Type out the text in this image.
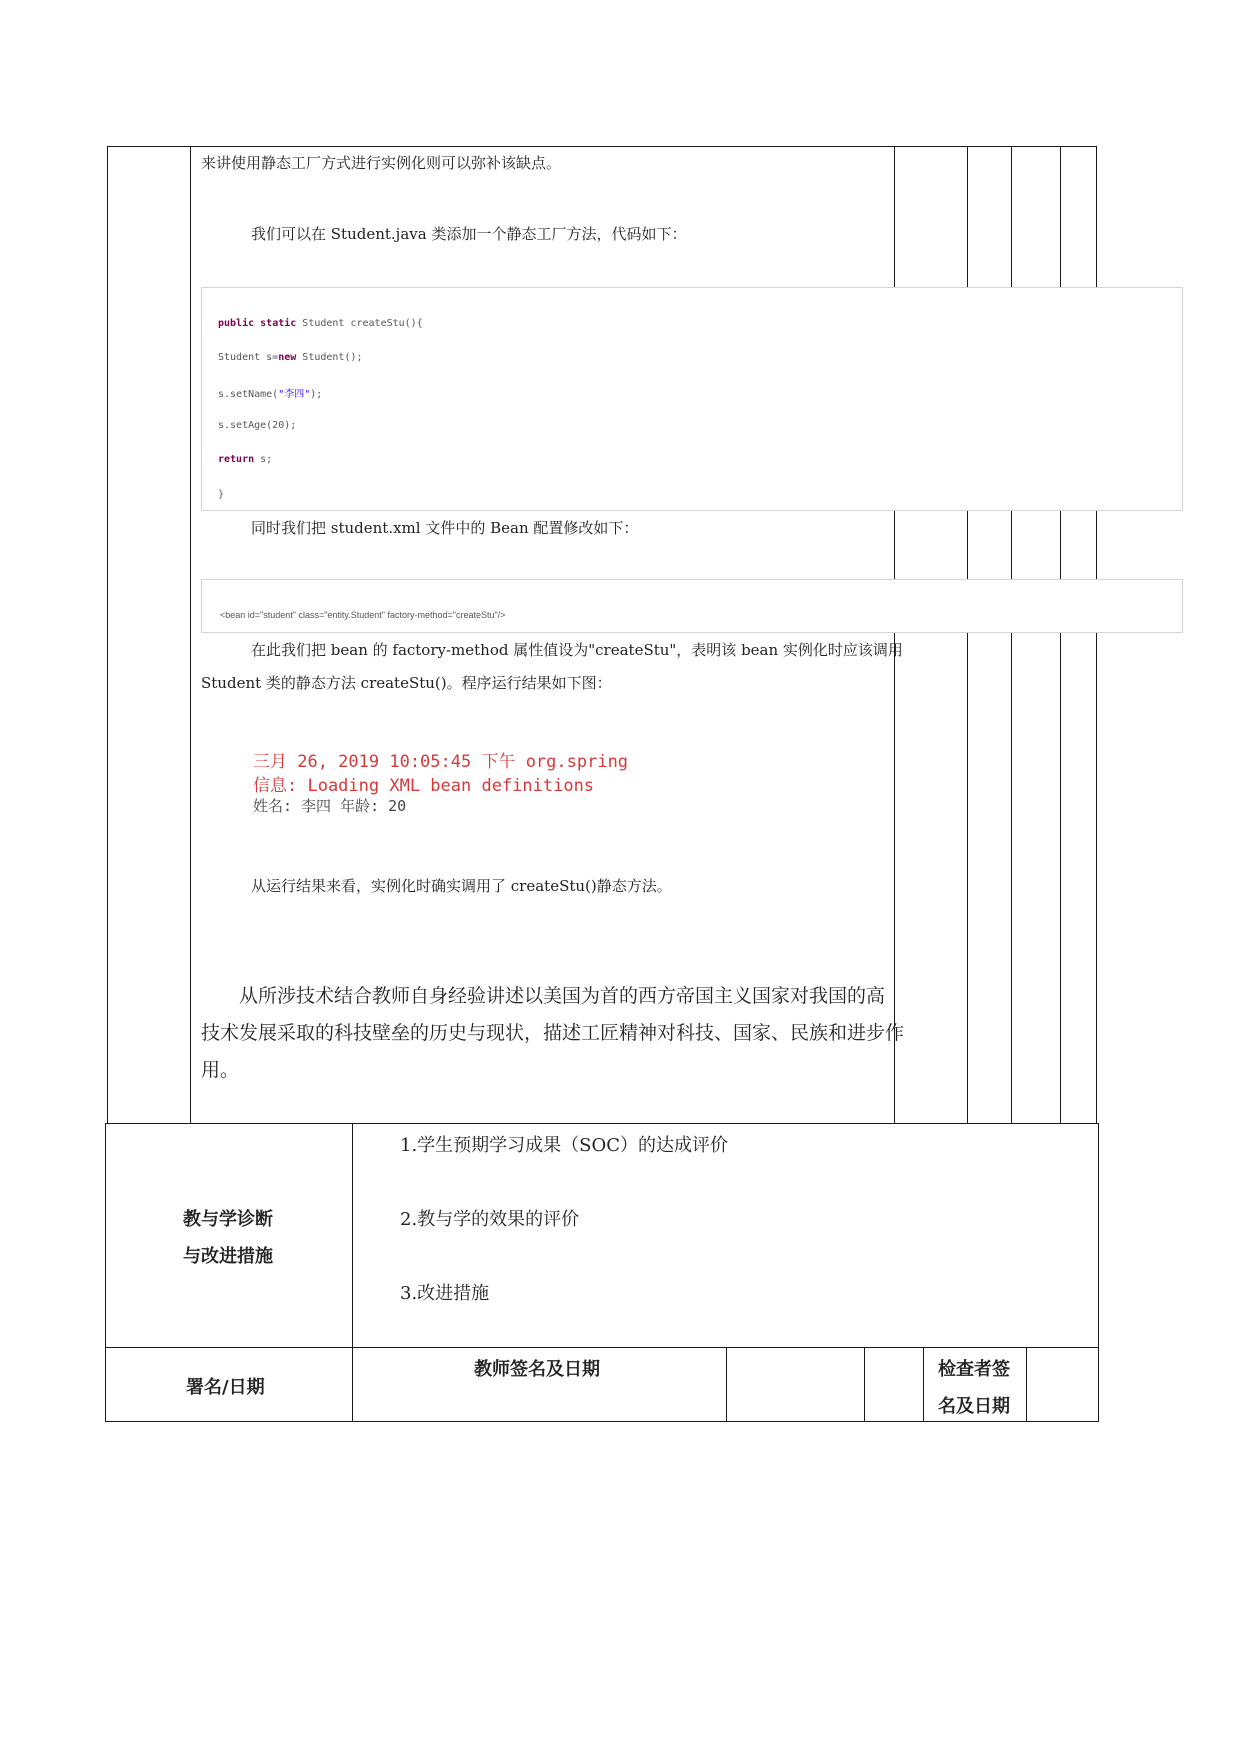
来讲使用静态工厂方式进行实例化则可以弥补该缺点。
我们可以在 Student.java 类添加一个静态工厂方法，代码如下：
public static Student createStu(){
Student s=new Student();
s.setName("李四");
s.setAge(20);
return s;
}
同时我们把 student.xml 文件中的 Bean 配置修改如下：
<bean id="student" class="entity.Student" factory-method="createStu"/>
在此我们把 bean 的 factory-method 属性值设为"createStu"，表明该 bean 实例化时应该调用
Student 类的静态方法 createStu()。程序运行结果如下图：
三月 26, 2019 10:05:45 下午 org.spring
信息: Loading XML bean definitions
姓名: 李四 年龄: 20
从运行结果来看，实例化时确实调用了 createStu()静态方法。
从所涉技术结合教师自身经验讲述以美国为首的西方帝国主义国家对我国的高
技术发展采取的科技壁垒的历史与现状，描述工匠精神对科技、国家、民族和进步作
用。
教与学诊断
与改进措施
1.学生预期学习成果（SOC）的达成评价
2.教与学的效果的评价
3.改进措施
署名/日期
教师签名及日期	检查者签
名及日期
